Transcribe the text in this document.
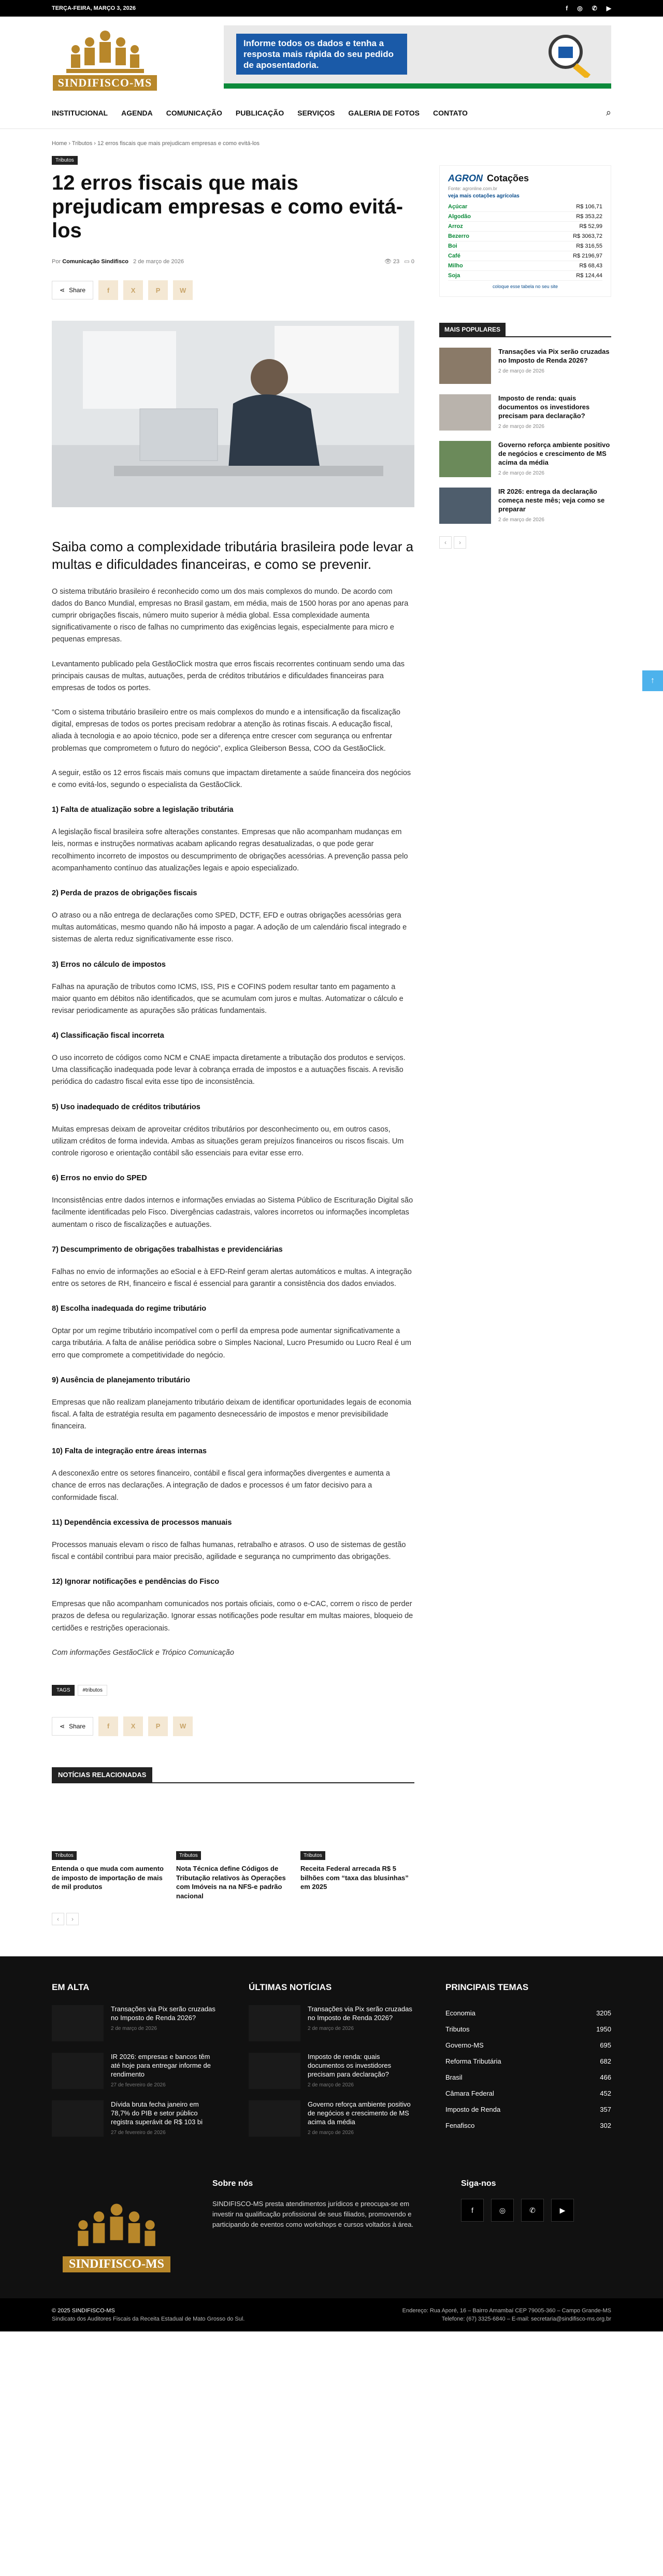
TERÇA-FEIRA, MARÇO 3, 2026	f ◎ ✆ ▶
SINDIFISCO-MS
Informe todos os dados e tenha a resposta mais rápida do seu pedido de aposentadoria.
INSTITUCIONAL AGENDA COMUNICAÇÃO PUBLICAÇÃO SERVIÇOS GALERIA DE FOTOS CONTATO	⌕
Home › Tributos › 12 erros fiscais que mais prejudicam empresas e como evitá-los
Tributos
12 erros fiscais que mais prejudicam empresas e como evitá-los
Por Comunicação Sindifisco 2 de março de 2026	👁 23 ▭ 0
⋖ Share	f	X	P	W
Saiba como a complexidade tributária brasileira pode levar a multas e dificuldades financeiras, e como se prevenir.

O sistema tributário brasileiro é reconhecido como um dos mais complexos do mundo. De acordo com dados do Banco Mundial, empresas no Brasil gastam, em média, mais de 1500 horas por ano apenas para cumprir obrigações fiscais, número muito superior à média global. Essa complexidade aumenta significativamente o risco de falhas no cumprimento das exigências legais, especialmente para micro e pequenas empresas.

Levantamento publicado pela GestãoClick mostra que erros fiscais recorrentes continuam sendo uma das principais causas de multas, autuações, perda de créditos tributários e dificuldades financeiras para empresas de todos os portes.

“Com o sistema tributário brasileiro entre os mais complexos do mundo e a intensificação da fiscalização digital, empresas de todos os portes precisam redobrar a atenção às rotinas fiscais. A educação fiscal, aliada à tecnologia e ao apoio técnico, pode ser a diferença entre crescer com segurança ou enfrentar problemas que comprometem o futuro do negócio”, explica Gleiberson Bessa, COO da GestãoClick.

A seguir, estão os 12 erros fiscais mais comuns que impactam diretamente a saúde financeira dos negócios e como evitá-los, segundo o especialista da GestãoClick.

1) Falta de atualização sobre a legislação tributária

A legislação fiscal brasileira sofre alterações constantes. Empresas que não acompanham mudanças em leis, normas e instruções normativas acabam aplicando regras desatualizadas, o que pode gerar recolhimento incorreto de impostos ou descumprimento de obrigações acessórias. A prevenção passa pelo acompanhamento contínuo das atualizações legais e apoio especializado.

2) Perda de prazos de obrigações fiscais

O atraso ou a não entrega de declarações como SPED, DCTF, EFD e outras obrigações acessórias gera multas automáticas, mesmo quando não há imposto a pagar. A adoção de um calendário fiscal integrado e sistemas de alerta reduz significativamente esse risco.

3) Erros no cálculo de impostos

Falhas na apuração de tributos como ICMS, ISS, PIS e COFINS podem resultar tanto em pagamento a maior quanto em débitos não identificados, que se acumulam com juros e multas. Automatizar o cálculo e revisar periodicamente as apurações são práticas fundamentais.

4) Classificação fiscal incorreta

O uso incorreto de códigos como NCM e CNAE impacta diretamente a tributação dos produtos e serviços. Uma classificação inadequada pode levar à cobrança errada de impostos e a autuações fiscais. A revisão periódica do cadastro fiscal evita esse tipo de inconsistência.

5) Uso inadequado de créditos tributários

Muitas empresas deixam de aproveitar créditos tributários por desconhecimento ou, em outros casos, utilizam créditos de forma indevida. Ambas as situações geram prejuízos financeiros ou riscos fiscais. Um controle rigoroso e orientação contábil são essenciais para evitar esse erro.

6) Erros no envio do SPED

Inconsistências entre dados internos e informações enviadas ao Sistema Público de Escrituração Digital são facilmente identificadas pelo Fisco. Divergências cadastrais, valores incorretos ou informações incompletas aumentam o risco de fiscalizações e autuações.

7) Descumprimento de obrigações trabalhistas e previdenciárias

Falhas no envio de informações ao eSocial e à EFD-Reinf geram alertas automáticos e multas. A integração entre os setores de RH, financeiro e fiscal é essencial para garantir a consistência dos dados enviados.

8) Escolha inadequada do regime tributário

Optar por um regime tributário incompatível com o perfil da empresa pode aumentar significativamente a carga tributária. A falta de análise periódica sobre o Simples Nacional, Lucro Presumido ou Lucro Real é um erro que compromete a competitividade do negócio.

9) Ausência de planejamento tributário

Empresas que não realizam planejamento tributário deixam de identificar oportunidades legais de economia fiscal. A falta de estratégia resulta em pagamento desnecessário de impostos e menor previsibilidade financeira.

10) Falta de integração entre áreas internas

A desconexão entre os setores financeiro, contábil e fiscal gera informações divergentes e aumenta a chance de erros nas declarações. A integração de dados e processos é um fator decisivo para a conformidade fiscal.

11) Dependência excessiva de processos manuais

Processos manuais elevam o risco de falhas humanas, retrabalho e atrasos. O uso de sistemas de gestão fiscal e contábil contribui para maior precisão, agilidade e segurança no cumprimento das obrigações.

12) Ignorar notificações e pendências do Fisco

Empresas que não acompanham comunicados nos portais oficiais, como o e-CAC, correm o risco de perder prazos de defesa ou regularização. Ignorar essas notificações pode resultar em multas maiores, bloqueio de certidões e restrições operacionais.

Com informações GestãoClick e Trópico Comunicação

TAGS	#tributos
⋖ Share	f	X	P	W
NOTÍCIAS RELACIONADAS
Tributos
Entenda o que muda com aumento de imposto de importação de mais de mil produtos
Tributos
Nota Técnica define Códigos de Tributação relativos às Operações com Imóveis na na NFS-e padrão nacional
Tributos
Receita Federal arrecada R$ 5 bilhões com “taxa das blusinhas” em 2025
‹	›
AGRON Cotações
Fonte: agronline.com.br
veja mais cotações agrícolas
Açúcar	R$ 106,71
Algodão	R$ 353,22
Arroz	R$ 52,99
Bezerro	R$ 3063,72
Boi	R$ 316,55
Café	R$ 2196,97
Milho	R$ 68,43
Soja	R$ 124,44
coloque esse tabela no seu site
MAIS POPULARES
Transações via Pix serão cruzadas no Imposto de Renda 2026?
2 de março de 2026
Imposto de renda: quais documentos os investidores precisam para declaração?
2 de março de 2026
Governo reforça ambiente positivo de negócios e crescimento de MS acima da média
2 de março de 2026
IR 2026: entrega da declaração começa neste mês; veja como se preparar
2 de março de 2026
‹	›
EM ALTA
Transações via Pix serão cruzadas no Imposto de Renda 2026?
2 de março de 2026
IR 2026: empresas e bancos têm até hoje para entregar informe de rendimento
27 de fevereiro de 2026
Dívida bruta fecha janeiro em 78,7% do PIB e setor público registra superávit de R$ 103 bi
27 de fevereiro de 2026
ÚLTIMAS NOTÍCIAS
Transações via Pix serão cruzadas no Imposto de Renda 2026?
2 de março de 2026
Imposto de renda: quais documentos os investidores precisam para declaração?
2 de março de 2026
Governo reforça ambiente positivo de negócios e crescimento de MS acima da média
2 de março de 2026
PRINCIPAIS TEMAS
Economia	3205
Tributos	1950
Governo-MS	695
Reforma Tributária	682
Brasil	466
Câmara Federal	452
Imposto de Renda	357
Fenafisco	302
SINDIFISCO-MS
Sobre nós

SINDIFISCO-MS presta atendimentos jurídicos e preocupa-se em investir na qualificação profissional de seus filiados, promovendo e participando de eventos como workshops e cursos voltados à área.

Siga-nos
f	◎	✆	▶
© 2025 SINDIFISCO-MS
Sindicato dos Auditores Fiscais da Receita Estadual de Mato Grosso do Sul.
Endereço: Rua Aporé, 16 – Bairro Amambaí CEP 79005-360 – Campo Grande-MS
Telefone: (67) 3325-6840 – E-mail: secretaria@sindifisco-ms.org.br
↑
